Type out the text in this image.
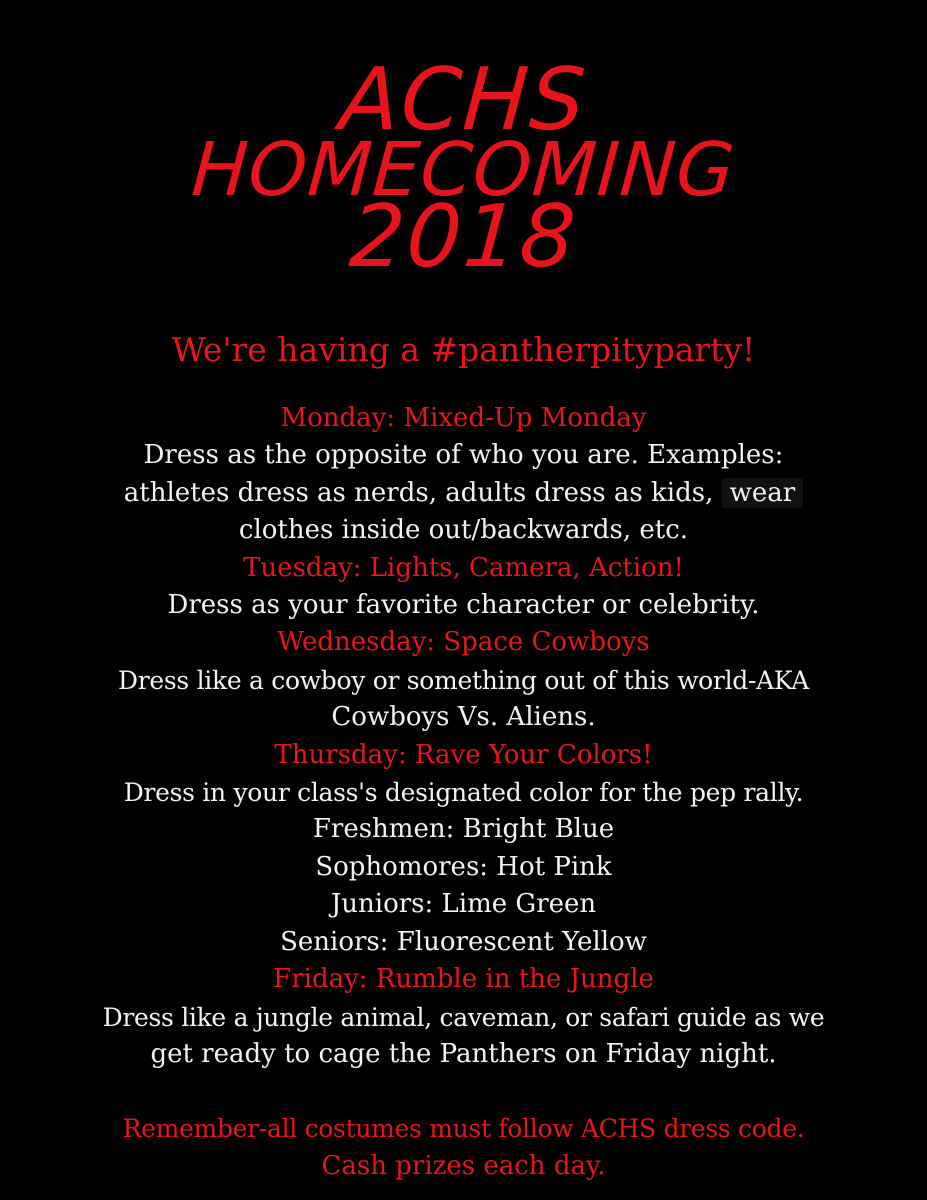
ACHS
HOMECOMING
2018
We're having a #pantherpityparty!
Monday: Mixed-Up Monday
Dress as the opposite of who you are. Examples:
athletes dress as nerds, adults dress as kids, wear
clothes inside out/backwards, etc.
Tuesday: Lights, Camera, Action!
Dress as your favorite character or celebrity.
Wednesday: Space Cowboys
Dress like a cowboy or something out of this world-AKA
Cowboys Vs. Aliens.
Thursday: Rave Your Colors!
Dress in your class's designated color for the pep rally.
Freshmen: Bright Blue
Sophomores: Hot Pink
Juniors: Lime Green
Seniors: Fluorescent Yellow
Friday: Rumble in the Jungle
Dress like a jungle animal, caveman, or safari guide as we
get ready to cage the Panthers on Friday night.
Remember-all costumes must follow ACHS dress code.
Cash prizes each day.
